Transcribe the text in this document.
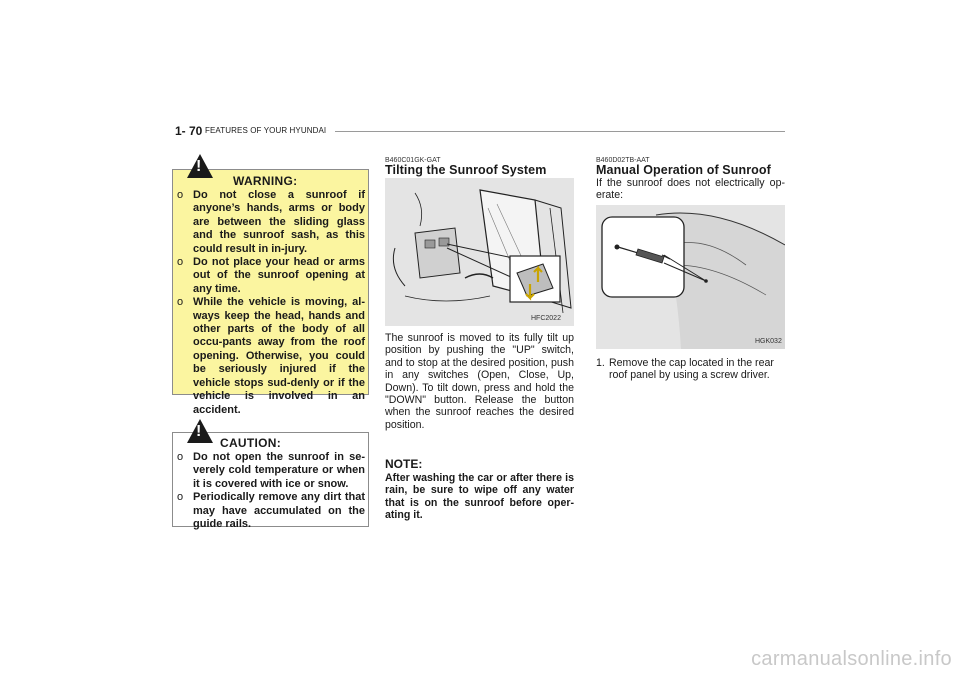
1- 70 FEATURES OF YOUR HYUNDAI
!
WARNING:
o Do not close a sunroof if anyone’s hands, arms or body are between the sliding glass and the sunroof sash, as this could result in in-jury.
o Do not place your head or arms out of the sunroof opening at any time.
o While the vehicle is moving, al-ways keep the head, hands and other parts of the body of all occu-pants away from the roof opening. Otherwise, you could be seriously injured if the vehicle stops sud-denly or if the vehicle is involved in an accident.
!
CAUTION:
o Do not open the sunroof in se-verely cold temperature or when it is covered with ice or snow.
o Periodically remove any dirt that may have accumulated on the guide rails.
B460C01GK-GAT
Tilting the Sunroof System
HFC2022

The sunroof is moved to its fully tilt up position by pushing the "UP" switch, and to stop at the desired position, push in any switches (Open, Close, Up, Down). To tilt down, press and hold the "DOWN" button. Release the button when the sunroof reaches the desired position.

NOTE:

After washing the car or after there is rain, be sure to wipe off any water that is on the sunroof before oper-ating it.

B460D02TB-AAT
Manual Operation of Sunroof

If the sunroof does not electrically op-erate:

HGK032

1. Remove the cap located in the rear roof panel by using a screw driver.

carmanualsonline.info
